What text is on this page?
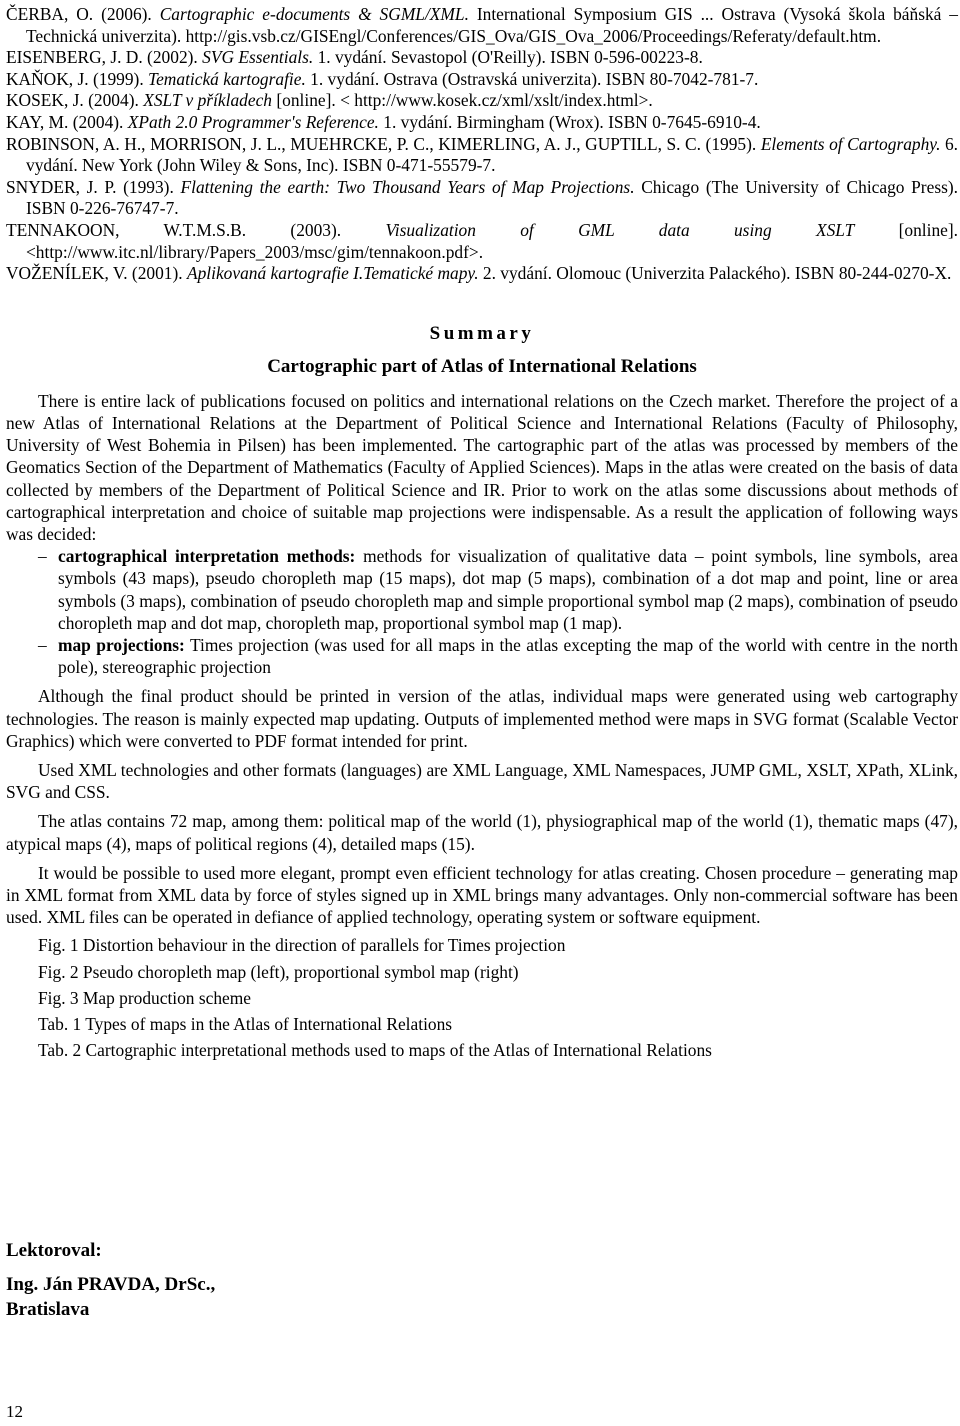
ČERBA, O. (2006). Cartographic e-documents & SGML/XML. International Symposium GIS ... Ostrava (Vysoká škola báňská – Technická univerzita). http://gis.vsb.cz/GISEngl/Conferences/GIS_Ova/GIS_Ova_2006/Proceedings/Referaty/default.htm.
EISENBERG, J. D. (2002). SVG Essentials. 1. vydání. Sevastopol (O'Reilly). ISBN 0-596-00223-8.
KAŇOK, J. (1999). Tematická kartografie. 1. vydání. Ostrava (Ostravská univerzita). ISBN 80-7042-781-7.
KOSEK, J. (2004). XSLT v příkladech [online]. < http://www.kosek.cz/xml/xslt/index.html>.
KAY, M. (2004). XPath 2.0 Programmer's Reference. 1. vydání. Birmingham (Wrox). ISBN 0-7645-6910-4.
ROBINSON, A. H., MORRISON, J. L., MUEHRCKE, P. C., KIMERLING, A. J., GUPTILL, S. C. (1995). Elements of Cartography. 6. vydání. New York (John Wiley & Sons, Inc). ISBN 0-471-55579-7.
SNYDER, J. P. (1993). Flattening the earth: Two Thousand Years of Map Projections. Chicago (The University of Chicago Press). ISBN 0-226-76747-7.
TENNAKOON, W.T.M.S.B. (2003). Visualization of GML data using XSLT [online]. <http://www.itc.nl/library/Papers_2003/msc/gim/tennakoon.pdf>.
VOŽENÍLEK, V. (2001). Aplikovaná kartografie I.Tematické mapy. 2. vydání. Olomouc (Univerzita Palackého). ISBN 80-244-0270-X.
Summary
Cartographic part of Atlas of International Relations

There is entire lack of publications focused on politics and international relations on the Czech market. Therefore the project of a new Atlas of International Relations at the Department of Political Science and International Relations (Faculty of Philosophy, University of West Bohemia in Pilsen) has been implemented. The cartographic part of the atlas was processed by members of the Geomatics Section of the Department of Mathematics (Faculty of Applied Sciences). Maps in the atlas were created on the basis of data collected by members of the Department of Political Science and IR. Prior to work on the atlas some discussions about methods of cartographical interpretation and choice of suitable map projections were indispensable. As a result the application of following ways was decided:

– cartographical interpretation methods: methods for visualization of qualitative data – point symbols, line symbols, area symbols (43 maps), pseudo choropleth map (15 maps), dot map (5 maps), combination of a dot map and point, line or area symbols (3 maps), combination of pseudo choropleth map and simple proportional symbol map (2 maps), combination of pseudo choropleth map and dot map, choropleth map, proportional symbol map (1 map).

– map projections: Times projection (was used for all maps in the atlas excepting the map of the world with centre in the north pole), stereographic projection

Although the final product should be printed in version of the atlas, individual maps were generated using web cartography technologies. The reason is mainly expected map updating. Outputs of implemented method were maps in SVG format (Scalable Vector Graphics) which were converted to PDF format intended for print.

Used XML technologies and other formats (languages) are XML Language, XML Namespaces, JUMP GML, XSLT, XPath, XLink, SVG and CSS.

The atlas contains 72 map, among them: political map of the world (1), physiographical map of the world (1), thematic maps (47), atypical maps (4), maps of political regions (4), detailed maps (15).

It would be possible to used more elegant, prompt even efficient technology for atlas creating. Chosen procedure – generating map in XML format from XML data by force of styles signed up in XML brings many advantages. Only non-commercial software has been used. XML files can be operated in defiance of applied technology, operating system or software equipment.

Fig. 1 Distortion behaviour in the direction of parallels for Times projection
Fig. 2 Pseudo choropleth map (left), proportional symbol map (right)
Fig. 3 Map production scheme
Tab. 1 Types of maps in the Atlas of International Relations
Tab. 2 Cartographic interpretational methods used to maps of the Atlas of International Relations
Lektoroval:
Ing. Ján PRAVDA, DrSc.,
Bratislava
12
